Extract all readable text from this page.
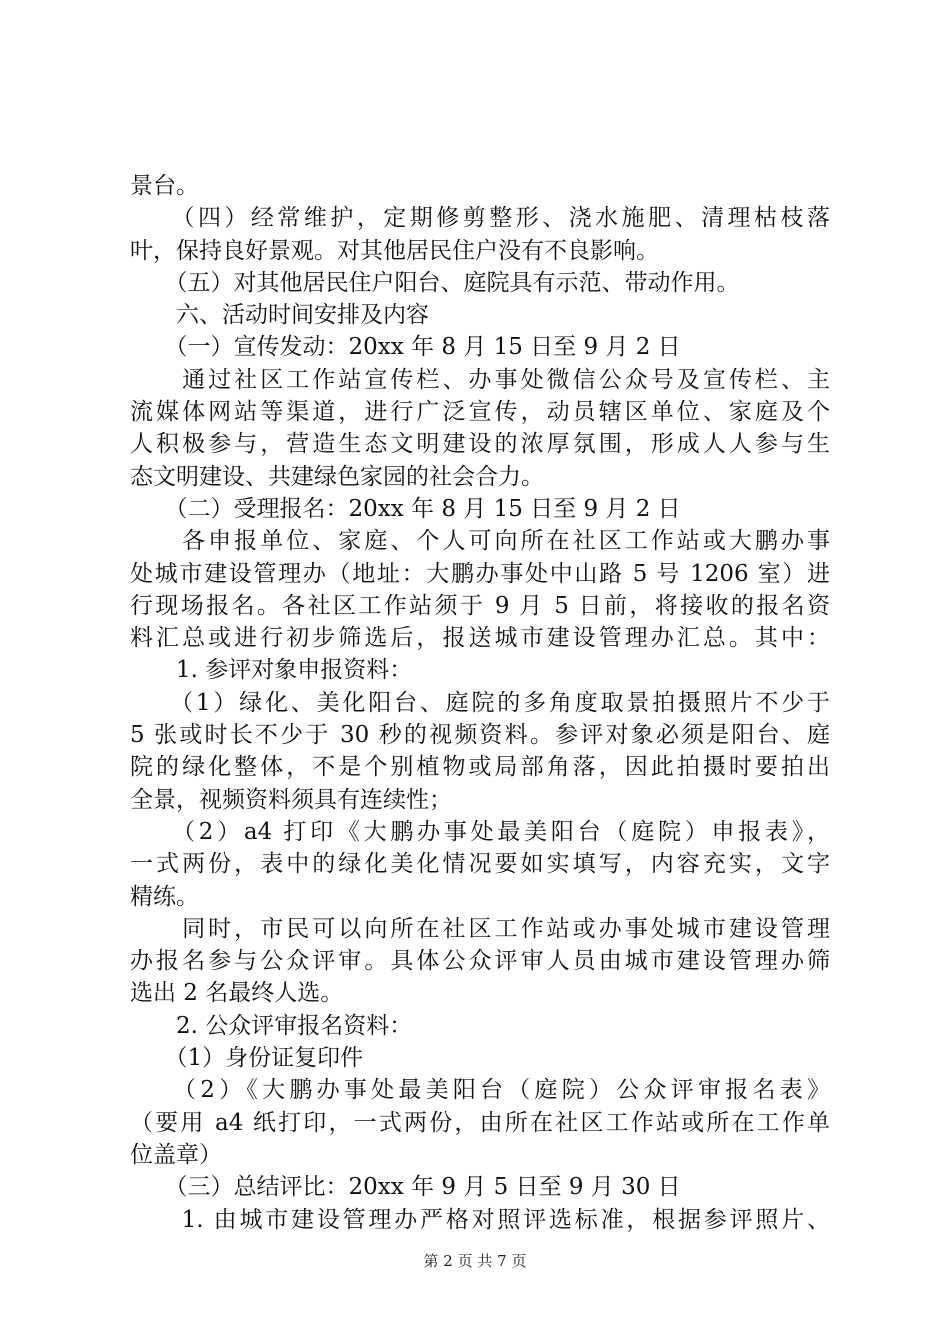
景台。
　　（四）经常维护，定期修剪整形、浇水施肥、清理枯枝落
叶，保持良好景观。对其他居民住户没有不良影响。
　　（五）对其他居民住户阳台、庭院具有示范、带动作用。
　　六、活动时间安排及内容
　　（一）宣传发动：20xx 年 8 月 15 日至 9 月 2 日
　　通过社区工作站宣传栏、办事处微信公众号及宣传栏、主
流媒体网站等渠道，进行广泛宣传，动员辖区单位、家庭及个
人积极参与，营造生态文明建设的浓厚氛围，形成人人参与生
态文明建设、共建绿色家园的社会合力。
　　（二）受理报名：20xx 年 8 月 15 日至 9 月 2 日
　　各申报单位、家庭、个人可向所在社区工作站或大鹏办事
处城市建设管理办（地址：大鹏办事处中山路 5 号 1206 室）进
行现场报名。各社区工作站须于 9 月 5 日前，将接收的报名资
料汇总或进行初步筛选后，报送城市建设管理办汇总。其中：
　　1. 参评对象申报资料：
　　（1）绿化、美化阳台、庭院的多角度取景拍摄照片不少于
5 张或时长不少于 30 秒的视频资料。参评对象必须是阳台、庭
院的绿化整体，不是个别植物或局部角落，因此拍摄时要拍出
全景，视频资料须具有连续性；
　　（2）a4 打印《大鹏办事处最美阳台（庭院）申报表》，
一式两份，表中的绿化美化情况要如实填写，内容充实，文字
精练。
　　同时，市民可以向所在社区工作站或办事处城市建设管理
办报名参与公众评审。具体公众评审人员由城市建设管理办筛
选出 2 名最终人选。
　　2. 公众评审报名资料：
　　（1）身份证复印件
　　（2）《大鹏办事处最美阳台（庭院）公众评审报名表》
（要用 a4 纸打印，一式两份，由所在社区工作站或所在工作单
位盖章）
　　（三）总结评比：20xx 年 9 月 5 日至 9 月 30 日
　　1. 由城市建设管理办严格对照评选标准，根据参评照片、
第 2 页 共 7 页
